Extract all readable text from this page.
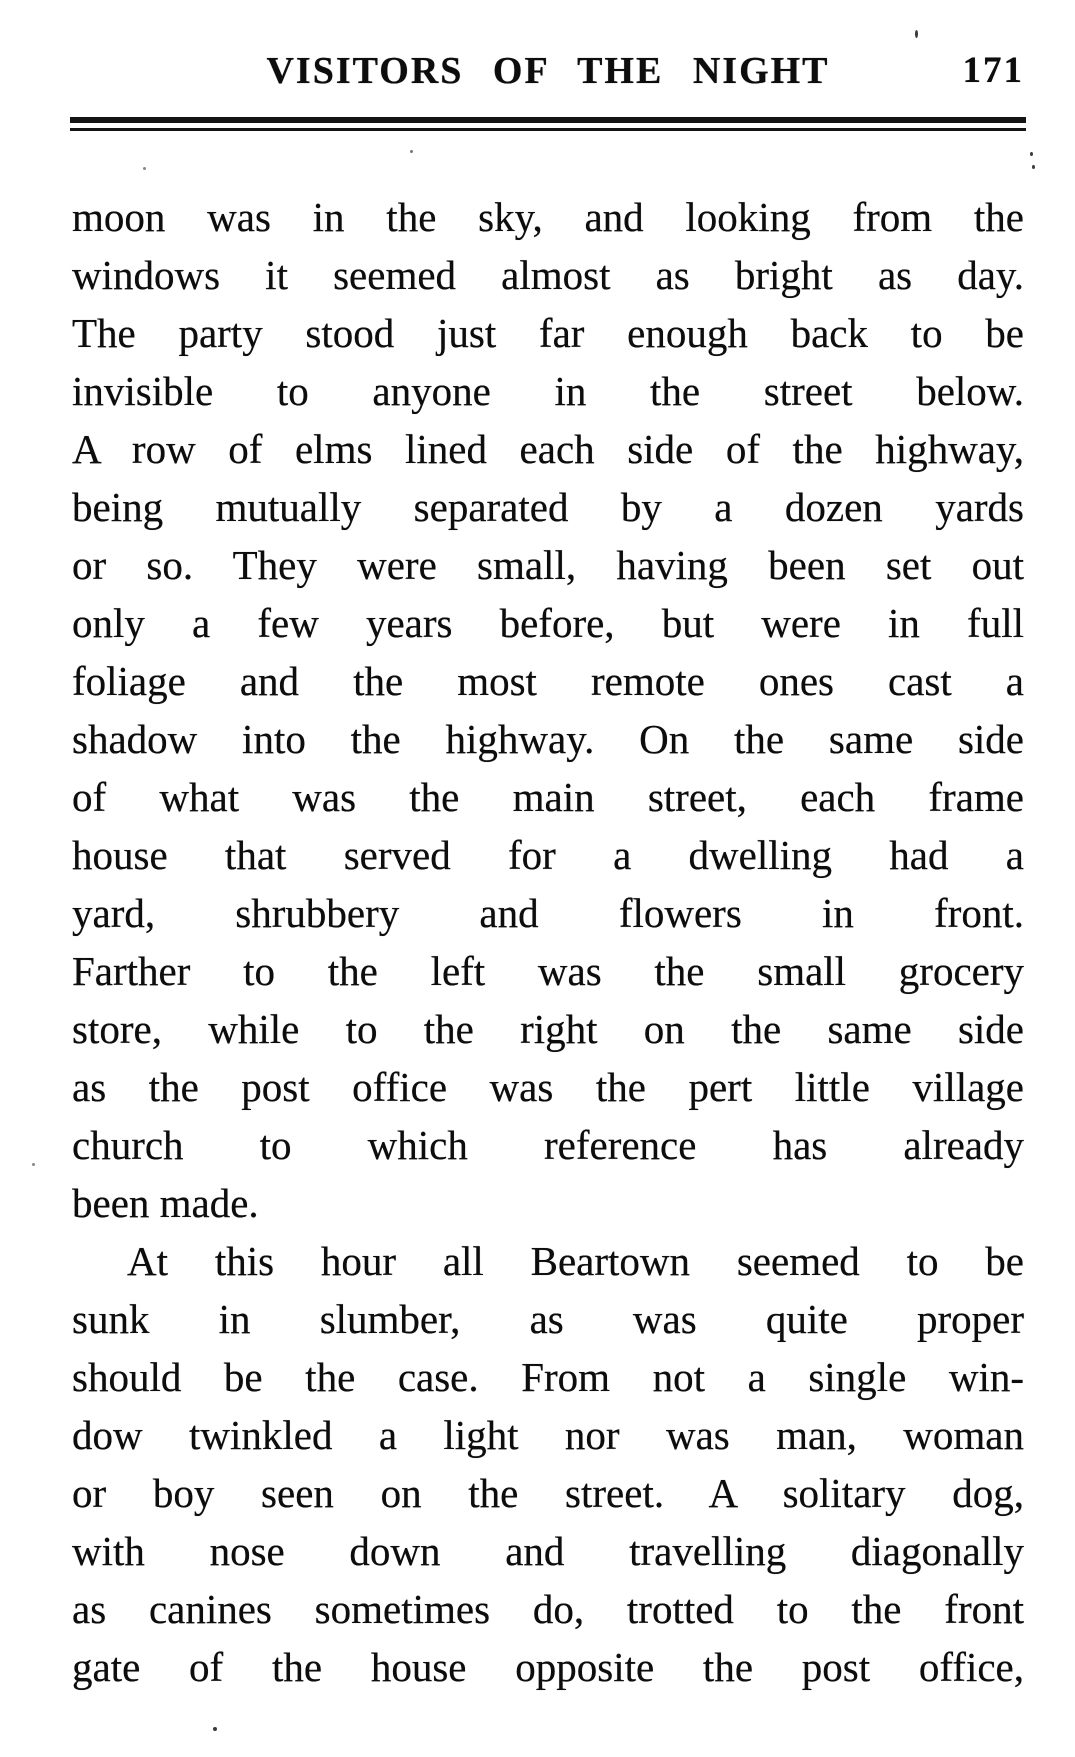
VISITORS OF THE NIGHT	171
moon was in the sky, and looking from the
windows it seemed almost as bright as day.
The party stood just far enough back to be
invisible to anyone in the street below.
A row of elms lined each side of the highway,
being mutually separated by a dozen yards
or so. They were small, having been set out
only a few years before, but were in full
foliage and the most remote ones cast a
shadow into the highway. On the same side
of what was the main street, each frame
house that served for a dwelling had a
yard, shrubbery and flowers in front.
Farther to the left was the small grocery
store, while to the right on the same side
as the post office was the pert little village
church to which reference has already
been made.
At this hour all Beartown seemed to be
sunk in slumber, as was quite proper
should be the case. From not a single win-
dow twinkled a light nor was man, woman
or boy seen on the street. A solitary dog,
with nose down and travelling diagonally
as canines sometimes do, trotted to the front
gate of the house opposite the post office,
